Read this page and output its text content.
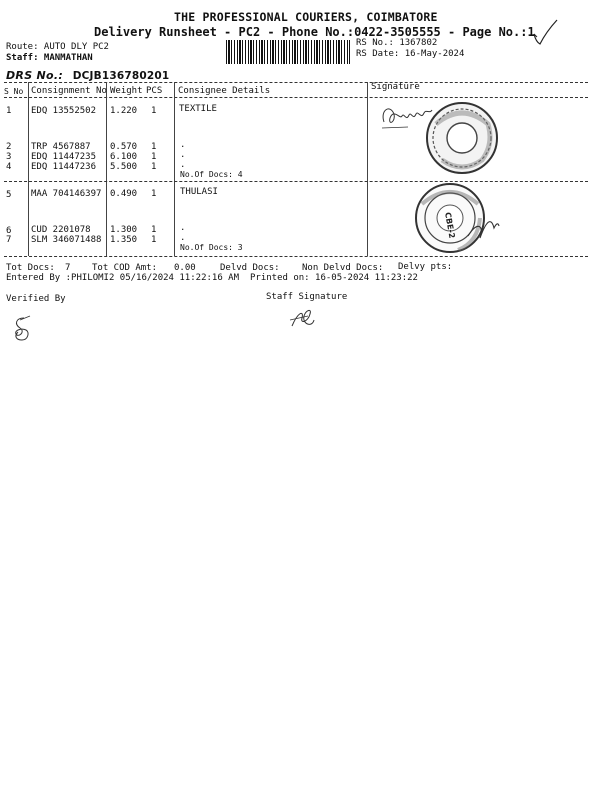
THE PROFESSIONAL COURIERS, COIMBATORE
Delivery Runsheet - PC2 - Phone No.:0422-3505555 - Page No.:1
Route: AUTO DLY PC2
Staff: MANMATHAN
RS No.: 1367802
RS Date: 16-May-2024
DRS No.: DCJB136780201
S No Consignment No Weight PCS Consignee Details	Signature
1 EDQ 13552502 1.220 1	TEXTILE
2 TRP 4567887 0.570 1	.
3 EDQ 11447235 6.100 1	.
4 EDQ 11447236 5.500 1	.
No.Of Docs: 4
5 MAA 704146397 0.490 1	THULASI
6 CUD 2201078 1.300 1	.
7 SLM 346071488 1.350 1	.
No.Of Docs: 3
CBE-2
Tot Docs: 7 Tot COD Amt: 0.00	Delvd Docs: Non Delvd Docs: Delvy pts:
Entered By :PHILOMI2 05/16/2024 11:22:16 AM Printed on: 16-05-2024 11:23:22
Verified By	Staff Signature
